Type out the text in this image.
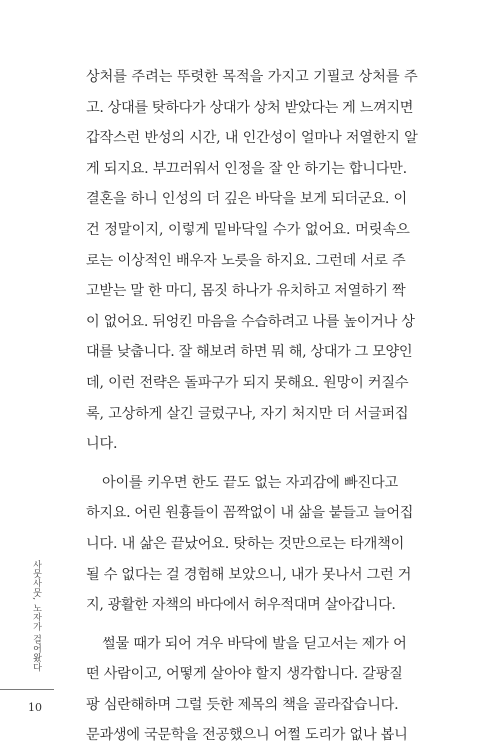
상처를 주려는 뚜렷한 목적을 가지고 기필코 상처를 주
고. 상대를 탓하다가 상대가 상처 받았다는 게 느껴지면
갑작스런 반성의 시간, 내 인간성이 얼마나 저열한지 알
게 되지요. 부끄러워서 인정을 잘 안 하기는 합니다만.
결혼을 하니 인성의 더 깊은 바닥을 보게 되더군요. 이
건 정말이지, 이렇게 밑바닥일 수가 없어요. 머릿속으
로는 이상적인 배우자 노릇을 하지요. 그런데 서로 주
고받는 말 한 마디, 몸짓 하나가 유치하고 저열하기 짝
이 없어요. 뒤엉킨 마음을 수습하려고 나를 높이거나 상
대를 낮춥니다. 잘 해보려 하면 뭐 해, 상대가 그 모양인
데, 이런 전략은 돌파구가 되지 못해요. 원망이 커질수
록, 고상하게 살긴 글렀구나, 자기 처지만 더 서글퍼집
니다.
아이를 키우면 한도 끝도 없는 자괴감에 빠진다고
하지요. 어린 원흉들이 꼼짝없이 내 삶을 붙들고 늘어집
니다. 내 삶은 끝났어요. 탓하는 것만으로는 타개책이
될 수 없다는 걸 경험해 보았으니, 내가 못나서 그런 거
지, 광활한 자책의 바다에서 허우적대며 살아갑니다.
썰물 때가 되어 겨우 바닥에 발을 딛고서는 제가 어
떤 사람이고, 어떻게 살아야 할지 생각합니다. 갈팡질
팡 심란해하며 그럴 듯한 제목의 책을 골라잡습니다.
문과생에 국문학을 전공했으니 어쩔 도리가 없나 봅니
사뭇사뭇, 노자가 걸어왔다
10
